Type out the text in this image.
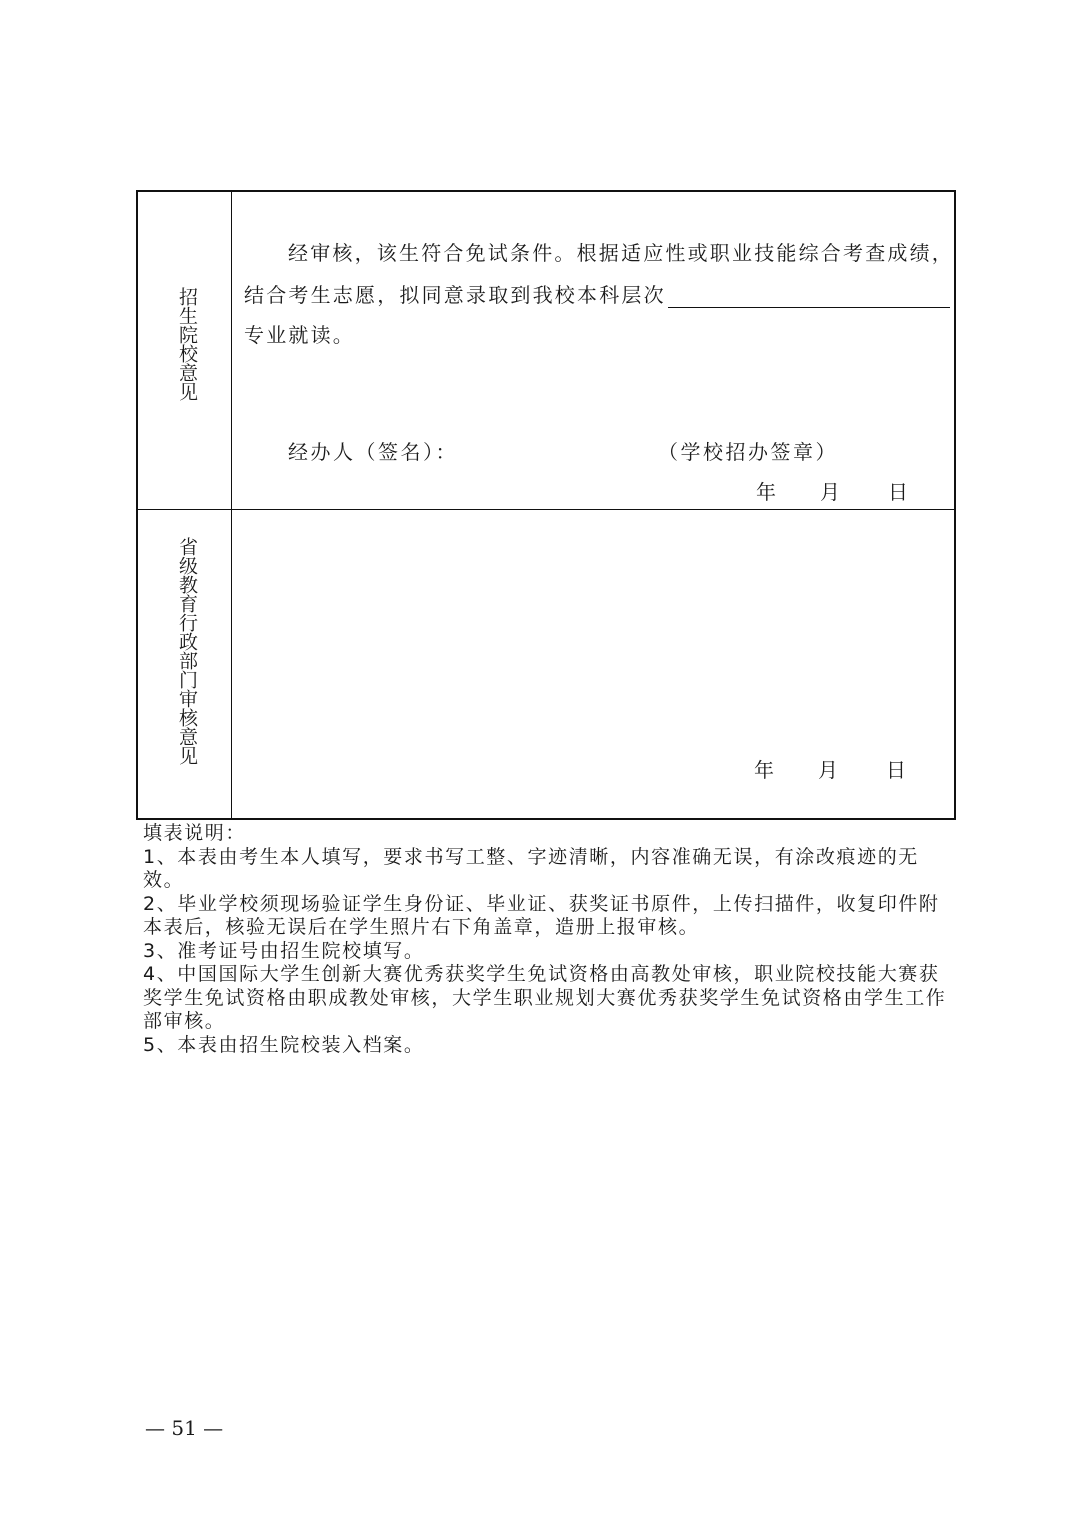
招生院校意见
经审核，该生符合免试条件。根据适应性或职业技能综合考查成绩，
结合考生志愿，拟同意录取到我校本科层次
专业就读。
经办人（签名）：	（学校招办签章）
年 月 日
省级教育行政部门审核意见
年 月 日

填表说明：

1、本表由考生本人填写，要求书写工整、字迹清晰，内容准确无误，有涂改痕迹的无效。

2、毕业学校须现场验证学生身份证、毕业证、获奖证书原件，上传扫描件，收复印件附本表后，核验无误后在学生照片右下角盖章，造册上报审核。

3、准考证号由招生院校填写。

4、中国国际大学生创新大赛优秀获奖学生免试资格由高教处审核，职业院校技能大赛获奖学生免试资格由职成教处审核，大学生职业规划大赛优秀获奖学生免试资格由学生工作部审核。

5、本表由招生院校装入档案。

— 51 —
